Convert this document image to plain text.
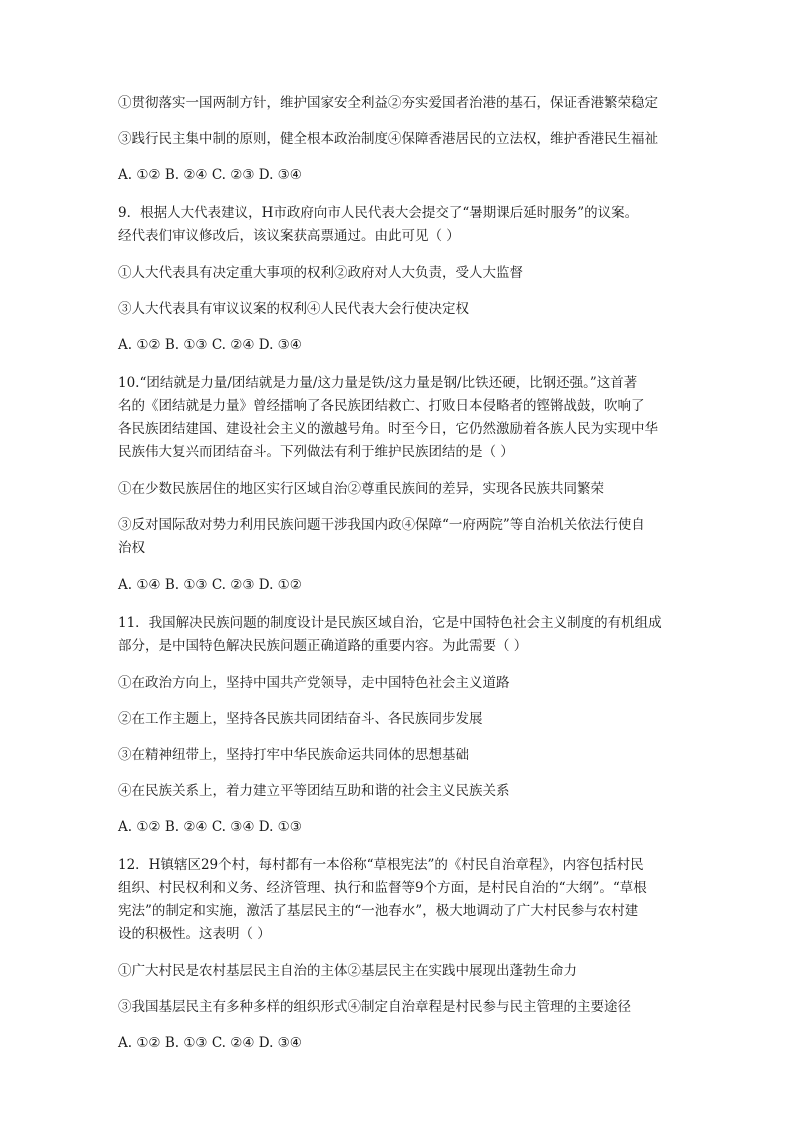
①贯彻落实一国两制方针，维护国家安全利益②夯实爱国者治港的基石，保证香港繁荣稳定

③践行民主集中制的原则，健全根本政治制度④保障香港居民的立法权，维护香港民生福祉

A. ①② B. ②④ C. ②③ D. ③④

9．根据人大代表建议，H市政府向市人民代表大会提交了“暑期课后延时服务”的议案。

经代表们审议修改后，该议案获高票通过。由此可见（ ）

①人大代表具有决定重大事项的权利②政府对人大负责，受人大监督

③人大代表具有审议议案的权利④人民代表大会行使决定权

A. ①② B. ①③ C. ②④ D. ③④

10.“团结就是力量/团结就是力量/这力量是铁/这力量是钢/比铁还硬，比钢还强。”这首著

名的《团结就是力量》曾经擂响了各民族团结救亡、打败日本侵略者的铿锵战鼓，吹响了

各民族团结建国、建设社会主义的激越号角。时至今日，它仍然激励着各族人民为实现中华

民族伟大复兴而团结奋斗。下列做法有利于维护民族团结的是（ ）

①在少数民族居住的地区实行区域自治②尊重民族间的差异，实现各民族共同繁荣

③反对国际敌对势力利用民族问题干涉我国内政④保障“一府两院”等自治机关依法行使自

治权

A. ①④ B. ①③ C. ②③ D. ①②

11．我国解决民族问题的制度设计是民族区域自治，它是中国特色社会主义制度的有机组成

部分，是中国特色解决民族问题正确道路的重要内容。为此需要（ ）

①在政治方向上，坚持中国共产党领导，走中国特色社会主义道路

②在工作主题上，坚持各民族共同团结奋斗、各民族同步发展

③在精神纽带上，坚持打牢中华民族命运共同体的思想基础

④在民族关系上，着力建立平等团结互助和谐的社会主义民族关系

A. ①② B. ②④ C. ③④ D. ①③

12．H镇辖区29个村，每村都有一本俗称“草根宪法”的《村民自治章程》，内容包括村民

组织、村民权利和义务、经济管理、执行和监督等9个方面，是村民自治的“大纲”。“草根

宪法”的制定和实施，激活了基层民主的“一池春水”，极大地调动了广大村民参与农村建

设的积极性。这表明（ ）

①广大村民是农村基层民主自治的主体②基层民主在实践中展现出蓬勃生命力

③我国基层民主有多种多样的组织形式④制定自治章程是村民参与民主管理的主要途径

A. ①② B. ①③ C. ②④ D. ③④
